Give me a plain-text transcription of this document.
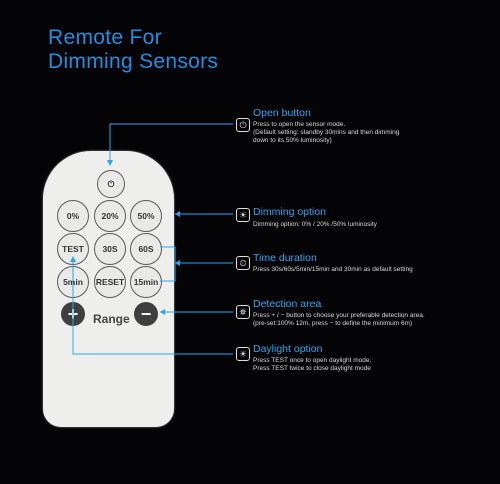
Remote For
Dimming Sensors
⏻
0%	20%	50%
TEST	30S	60S
5min	RESET	15min
+	−
Range
⏻
Open button
Press to open the sensor mode.
(Default setting: standby 30mins and then dimming
down to its 50% luminosity)
☀ Dimming option
Dimming option: 0% / 20% /50% luminosity
⏲ Time duration
Press 30s/60s/5min/15min and 30min as default setting
⛯
Detection area
Press + / − button to choose your preferable detection area.
(pre-set:100% 12m, press − to define the minimum 6m)
☀ Daylight option
Press TEST once to open daylight mode;
Press TEST twice to close daylight mode
